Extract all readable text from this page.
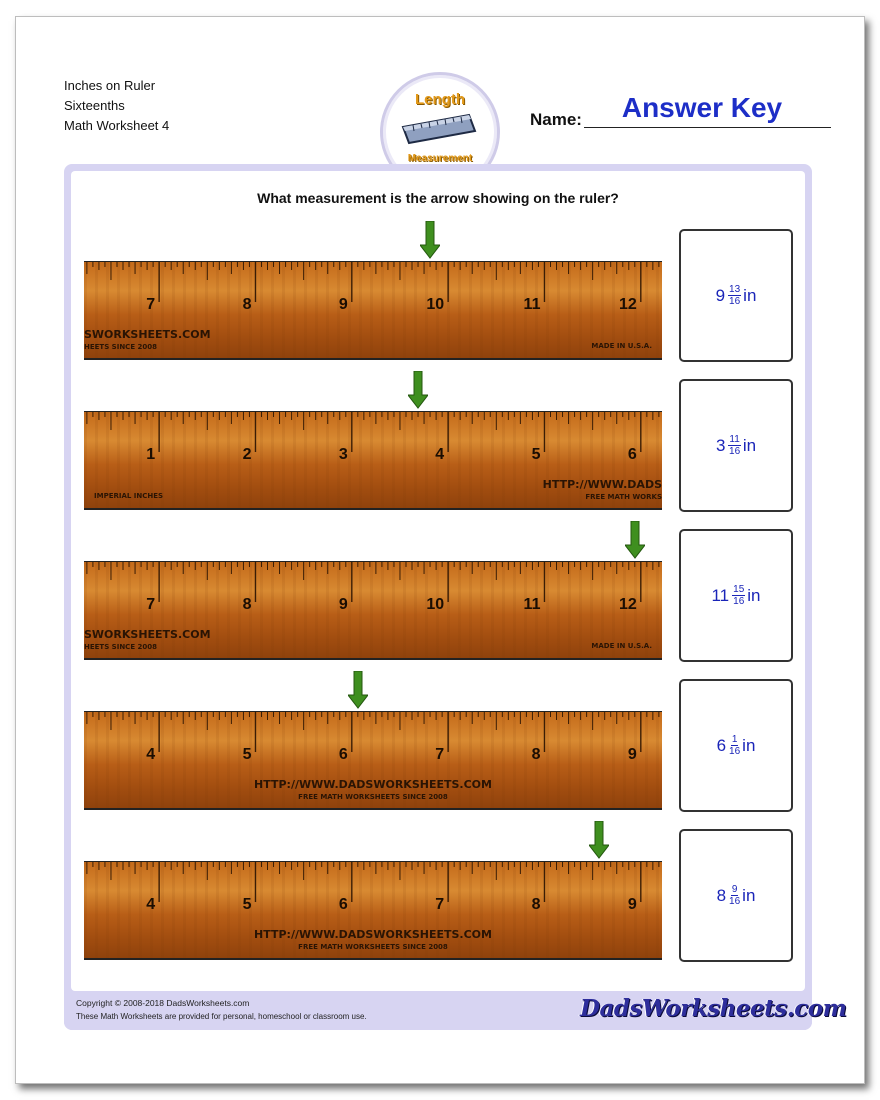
Inches on Ruler
Sixteenths
Math Worksheet 4
Length
Measurement
Name:	Answer Key
What measurement is the arrow showing on the ruler?
7	8	9	10	11	12
SWORKSHEETS.COM
HEETS SINCE 2008	MADE IN U.S.A.
$9 \frac{13}{16}$ in
1	2	3	4	5	6
HTTP://WWW.DADS
FREE MATH WORKS
IMPERIAL INCHES
$3 \frac{11}{16}$ in
7	8	9	10	11	12
SWORKSHEETS.COM
HEETS SINCE 2008	MADE IN U.S.A.
$11 \frac{15}{16}$ in
4	5	6	7	8	9
HTTP://WWW.DADSWORKSHEETS.COM
FREE MATH WORKSHEETS SINCE 2008
$6 \frac{1}{16}$ in
4	5	6	7	8	9
HTTP://WWW.DADSWORKSHEETS.COM
FREE MATH WORKSHEETS SINCE 2008
$8 \frac{9}{16}$ in
Copyright © 2008-2018 DadsWorksheets.com
These Math Worksheets are provided for personal, homeschool or classroom use.	DadsWorksheets.com
